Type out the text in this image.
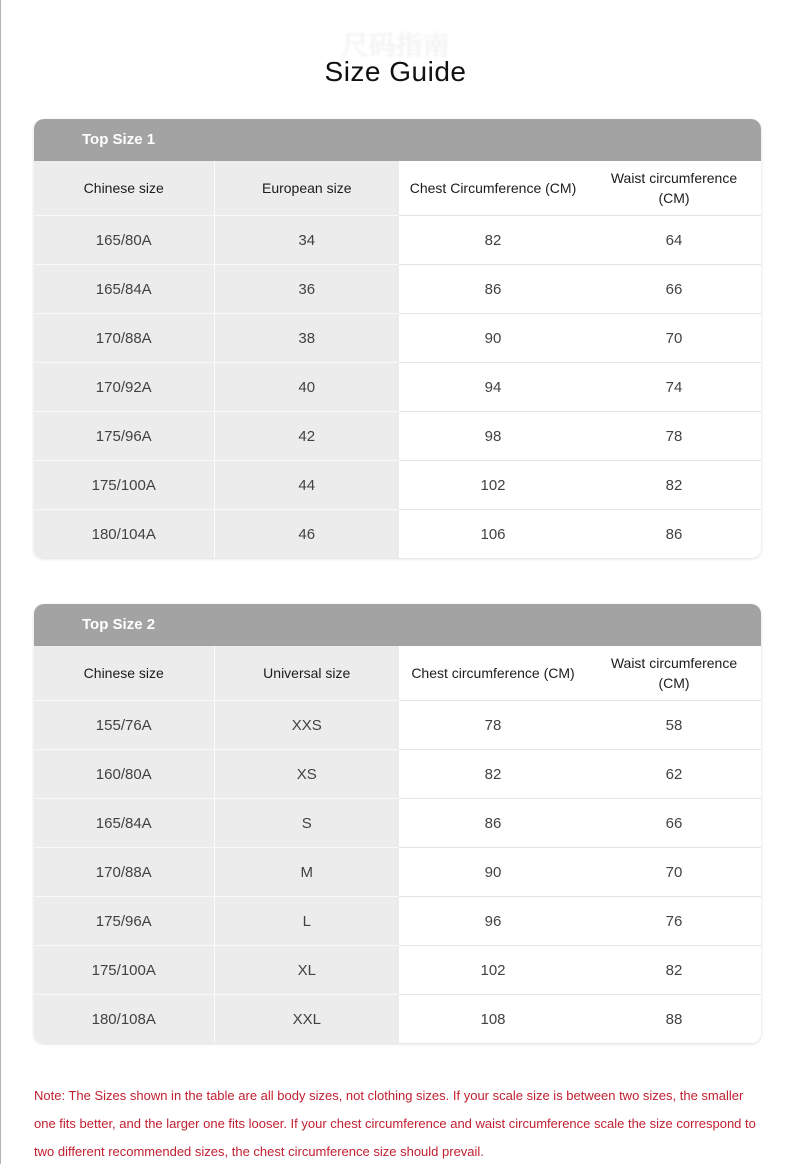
尺码指南
Size Guide
Top Size 1
Chinese size	European size	Chest Circumference (CM)	Waist circumference (CM)
165/80A	34	82	64
165/84A	36	86	66
170/88A	38	90	70
170/92A	40	94	74
175/96A	42	98	78
175/100A	44	102	82
180/104A	46	106	86
Top Size 2
Chinese size	Universal size	Chest circumference (CM)	Waist circumference (CM)
155/76A	XXS	78	58
160/80A	XS	82	62
165/84A	S	86	66
170/88A	M	90	70
175/96A	L	96	76
175/100A	XL	102	82
180/108A	XXL	108	88

Note: The Sizes shown in the table are all body sizes, not clothing sizes. If your scale size is between two sizes, the smaller one fits better, and the larger one fits looser. If your chest circumference and waist circumference scale the size correspond to two different recommended sizes, the chest circumference size should prevail.
